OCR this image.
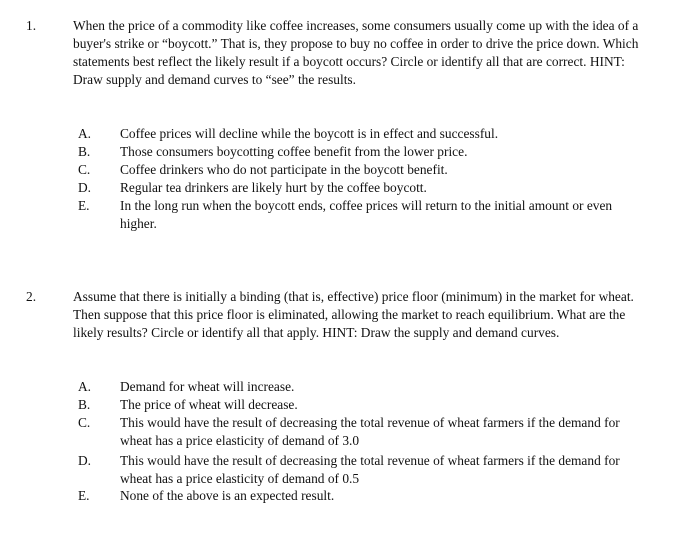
1.	When the price of a commodity like coffee increases, some consumers usually come up with the idea of a buyer's strike or “boycott.” That is, they propose to buy no coffee in order to drive the price down. Which statements best reflect the likely result if a boycott occurs? Circle or identify all that are correct. HINT: Draw supply and demand curves to “see” the results.

A. Coffee prices will decline while the boycott is in effect and successful.
B. Those consumers boycotting coffee benefit from the lower price.
C. Coffee drinkers who do not participate in the boycott benefit.
D. Regular tea drinkers are likely hurt by the coffee boycott.
E. In the long run when the boycott ends, coffee prices will return to the initial amount or even higher.
2.	Assume that there is initially a binding (that is, effective) price floor (minimum) in the market for wheat. Then suppose that this price floor is eliminated, allowing the market to reach equilibrium. What are the likely results? Circle or identify all that apply. HINT: Draw the supply and demand curves.

A. Demand for wheat will increase.
B. The price of wheat will decrease.
C. This would have the result of decreasing the total revenue of wheat farmers if the demand for wheat has a price elasticity of demand of 3.0
D. This would have the result of decreasing the total revenue of wheat farmers if the demand for wheat has a price elasticity of demand of 0.5
E. None of the above is an expected result.
